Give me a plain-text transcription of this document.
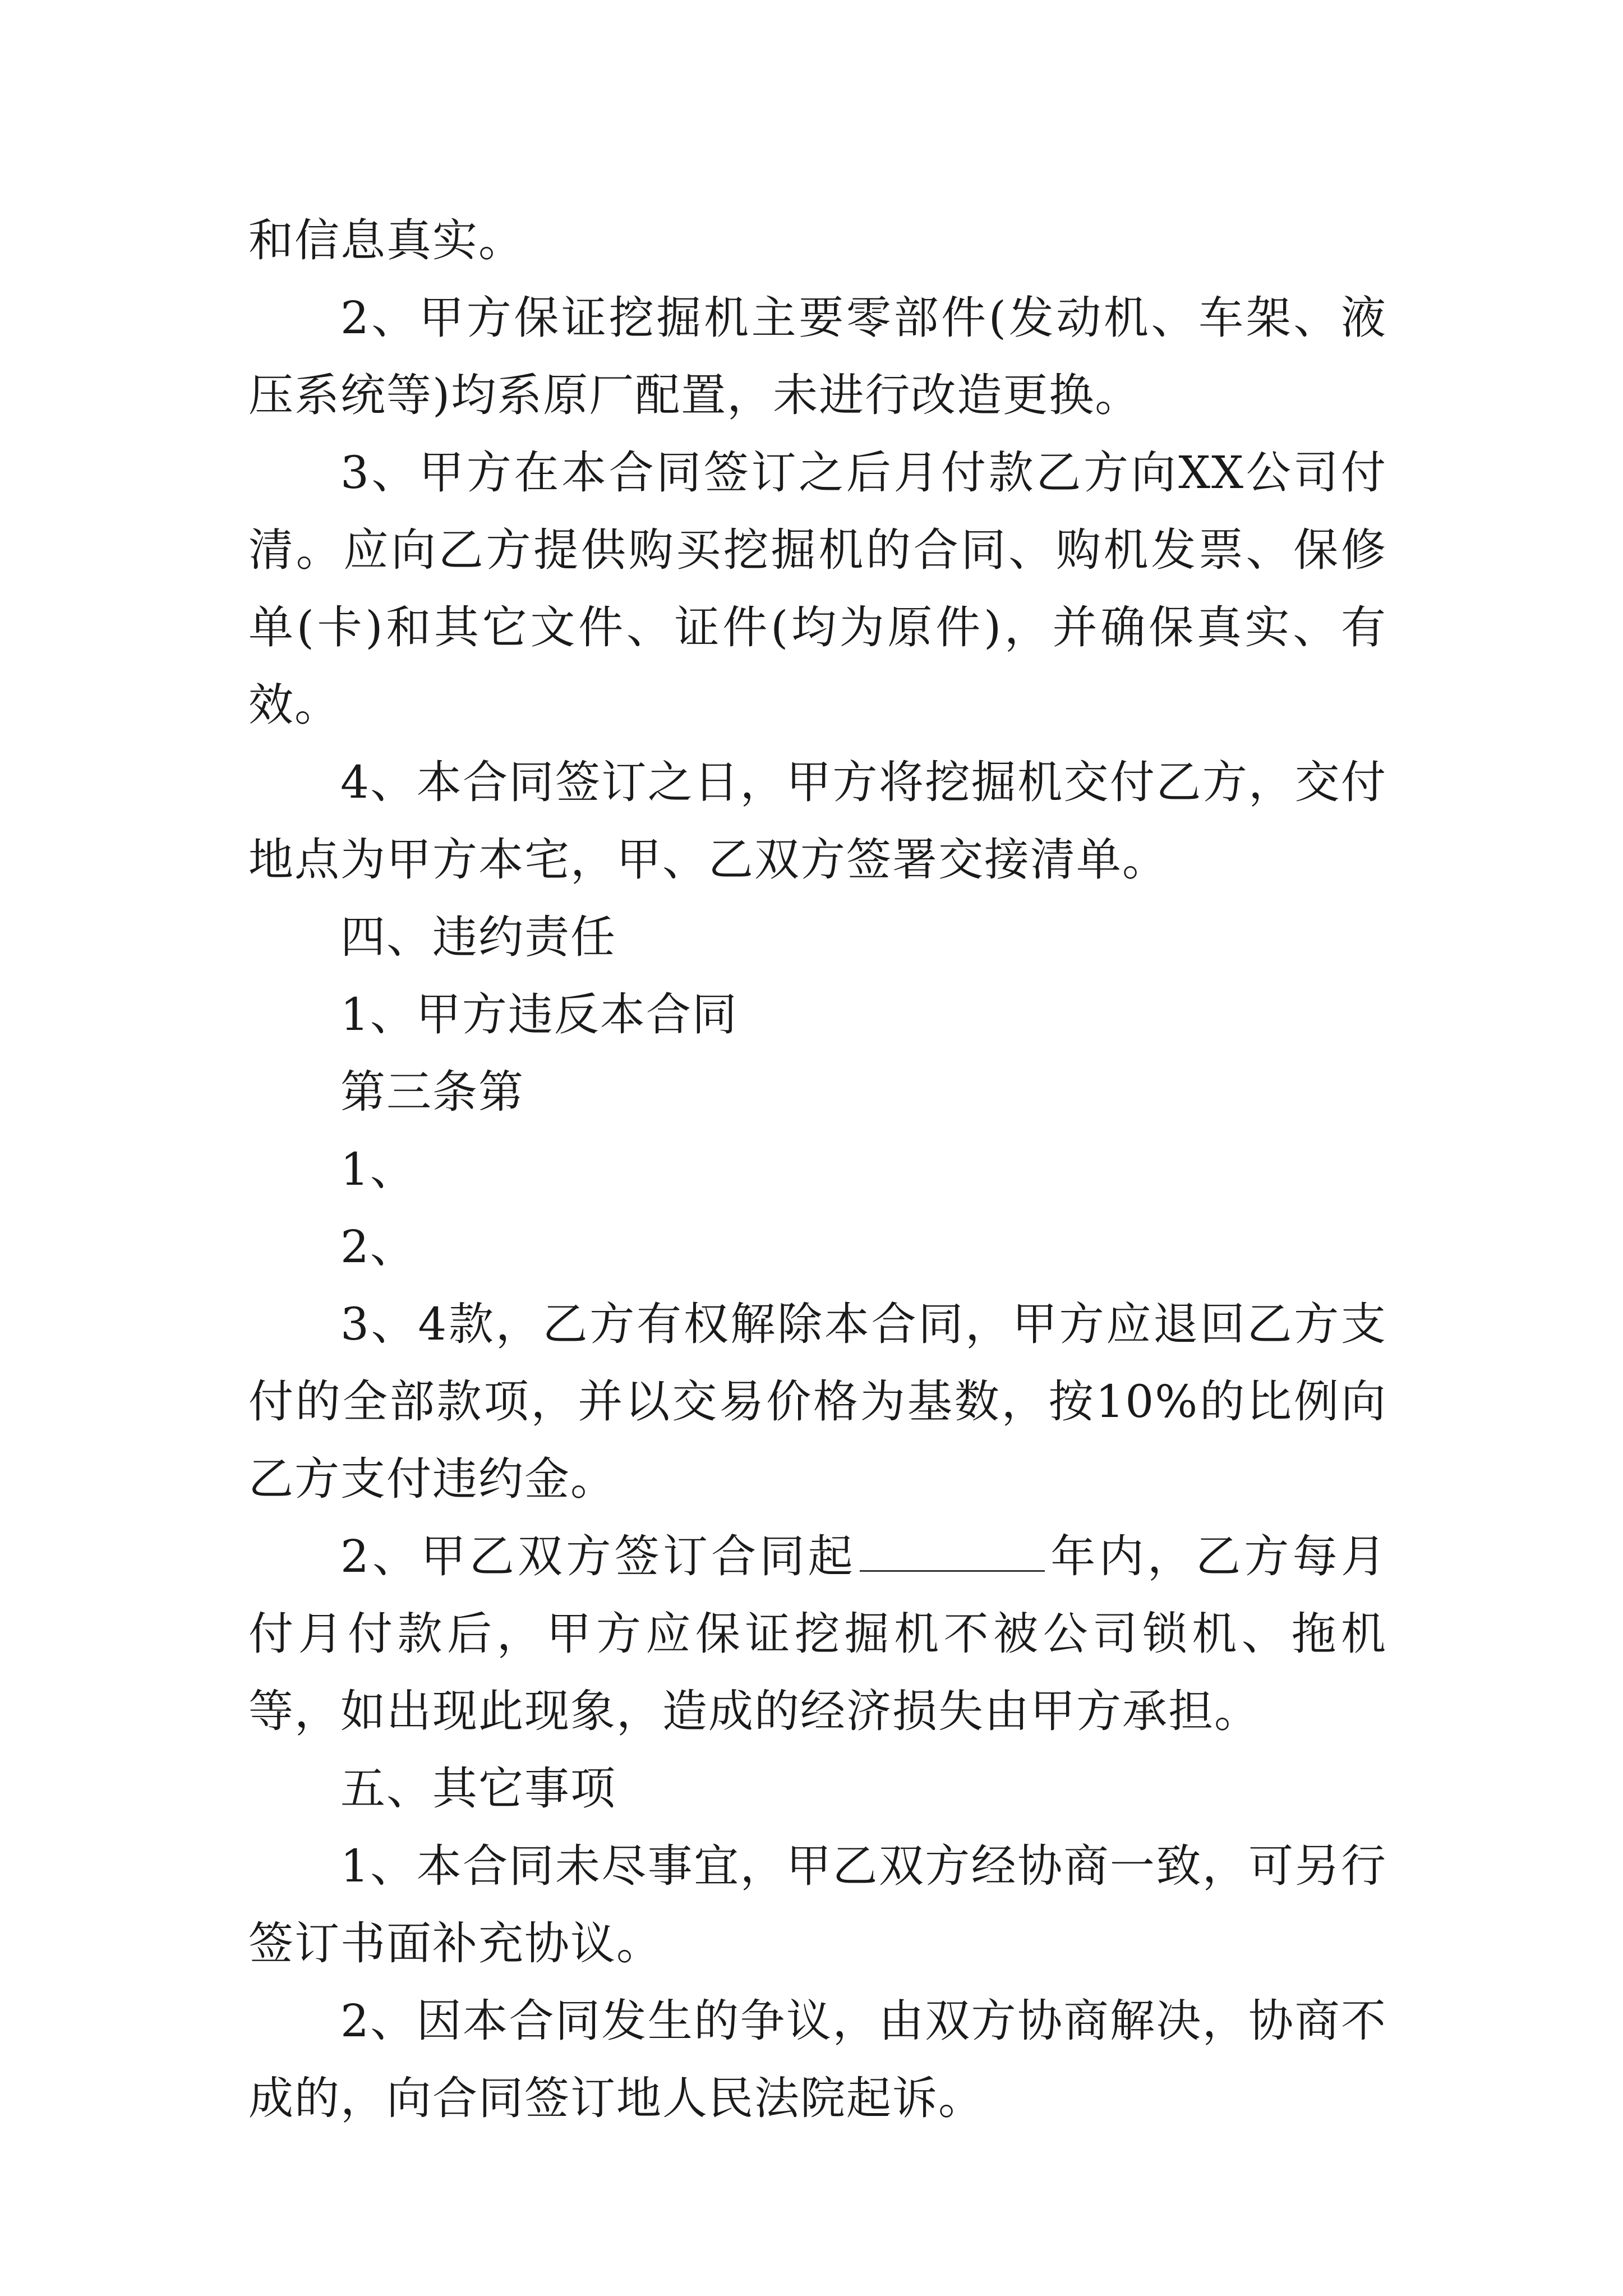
和信息真实。

2、甲方保证挖掘机主要零部件(发动机、车架、液压系统等)均系原厂配置，未进行改造更换。

3、甲方在本合同签订之后月付款乙方向XX公司付清。应向乙方提供购买挖掘机的合同、购机发票、保修单(卡)和其它文件、证件(均为原件)，并确保真实、有效。

4、本合同签订之日，甲方将挖掘机交付乙方，交付地点为甲方本宅，甲、乙双方签署交接清单。

四、违约责任

1、甲方违反本合同

第三条第

1、

2、

3、4款，乙方有权解除本合同，甲方应退回乙方支付的全部款项，并以交易价格为基数，按10%的比例向乙方支付违约金。

2、甲乙双方签订合同起	年内，乙方每月付月付款后，甲方应保证挖掘机不被公司锁机、拖机等，如出现此现象，造成的经济损失由甲方承担。

五、其它事项

1、本合同未尽事宜，甲乙双方经协商一致，可另行签订书面补充协议。

2、因本合同发生的争议，由双方协商解决，协商不成的，向合同签订地人民法院起诉。
